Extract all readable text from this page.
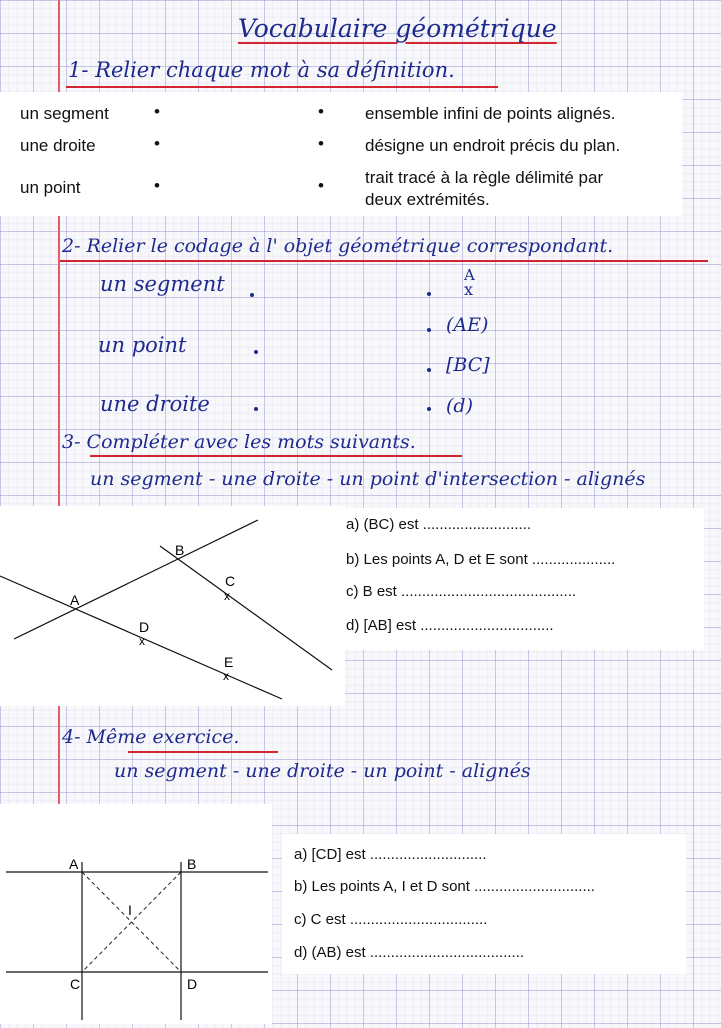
Vocabulaire géométrique
1- Relier chaque mot à sa définition.
un segment
une droite
un point
•
•
•
•
•
•
ensemble infini de points alignés.
désigne un endroit précis du plan.
trait tracé à la règle délimité par
deux extrémités.
2- Relier le codage à l' objet géométrique correspondant.
un segment
un point
une droite
A
x
(AE)
[BC]
(d)
3- Compléter avec les mots suivants.
un segment - une droite - un point d'intersection - alignés
A
B
C
x
D
x
E
x
a) (BC) est ..........................
b) Les points A, D et E sont ....................
c) B est ..........................................
d) [AB] est ................................
4- Même exercice.
un segment - une droite - un point - alignés
A	B
I
C	D
a) [CD] est ............................
b) Les points A, I et D sont .............................
c) C est .................................
d) (AB) est .....................................
